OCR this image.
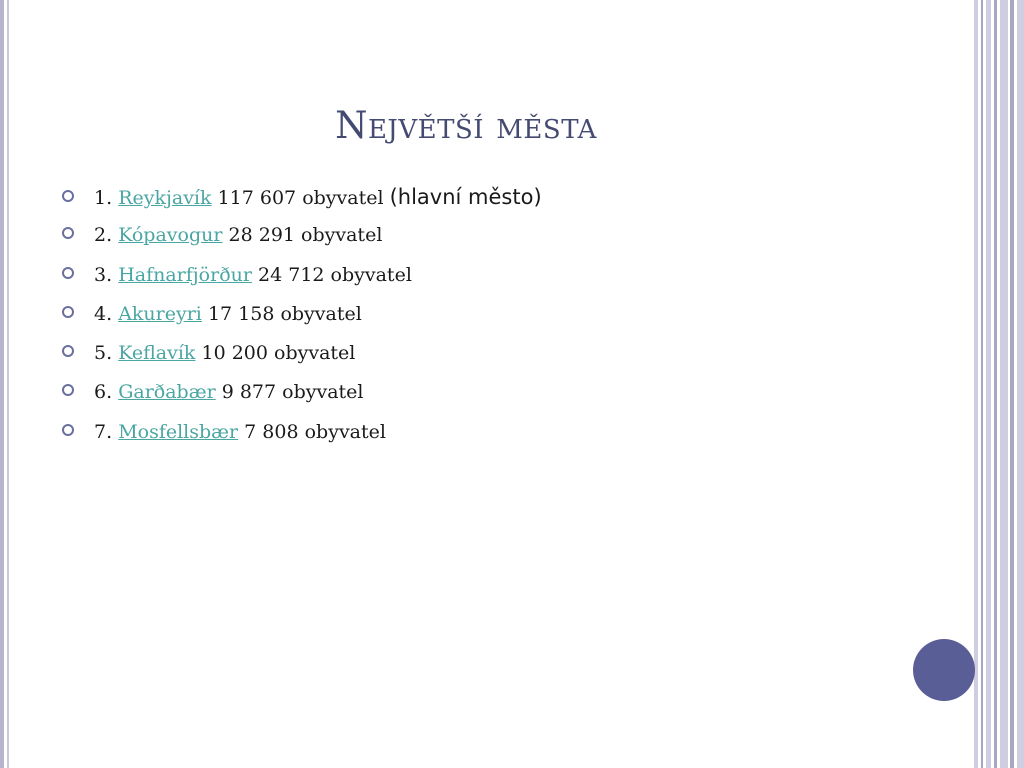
Největší města
1.
Reykjavík
117 607 obyvatel
(hlavní město)
2.
Kópavogur
28 291 obyvatel
3.
Hafnarfjörður
24 712 obyvatel
4.
Akureyri
17 158 obyvatel
5.
Keflavík
10 200 obyvatel
6.
Garðabær
9 877 obyvatel
7.
Mosfellsbær
7 808 obyvatel
